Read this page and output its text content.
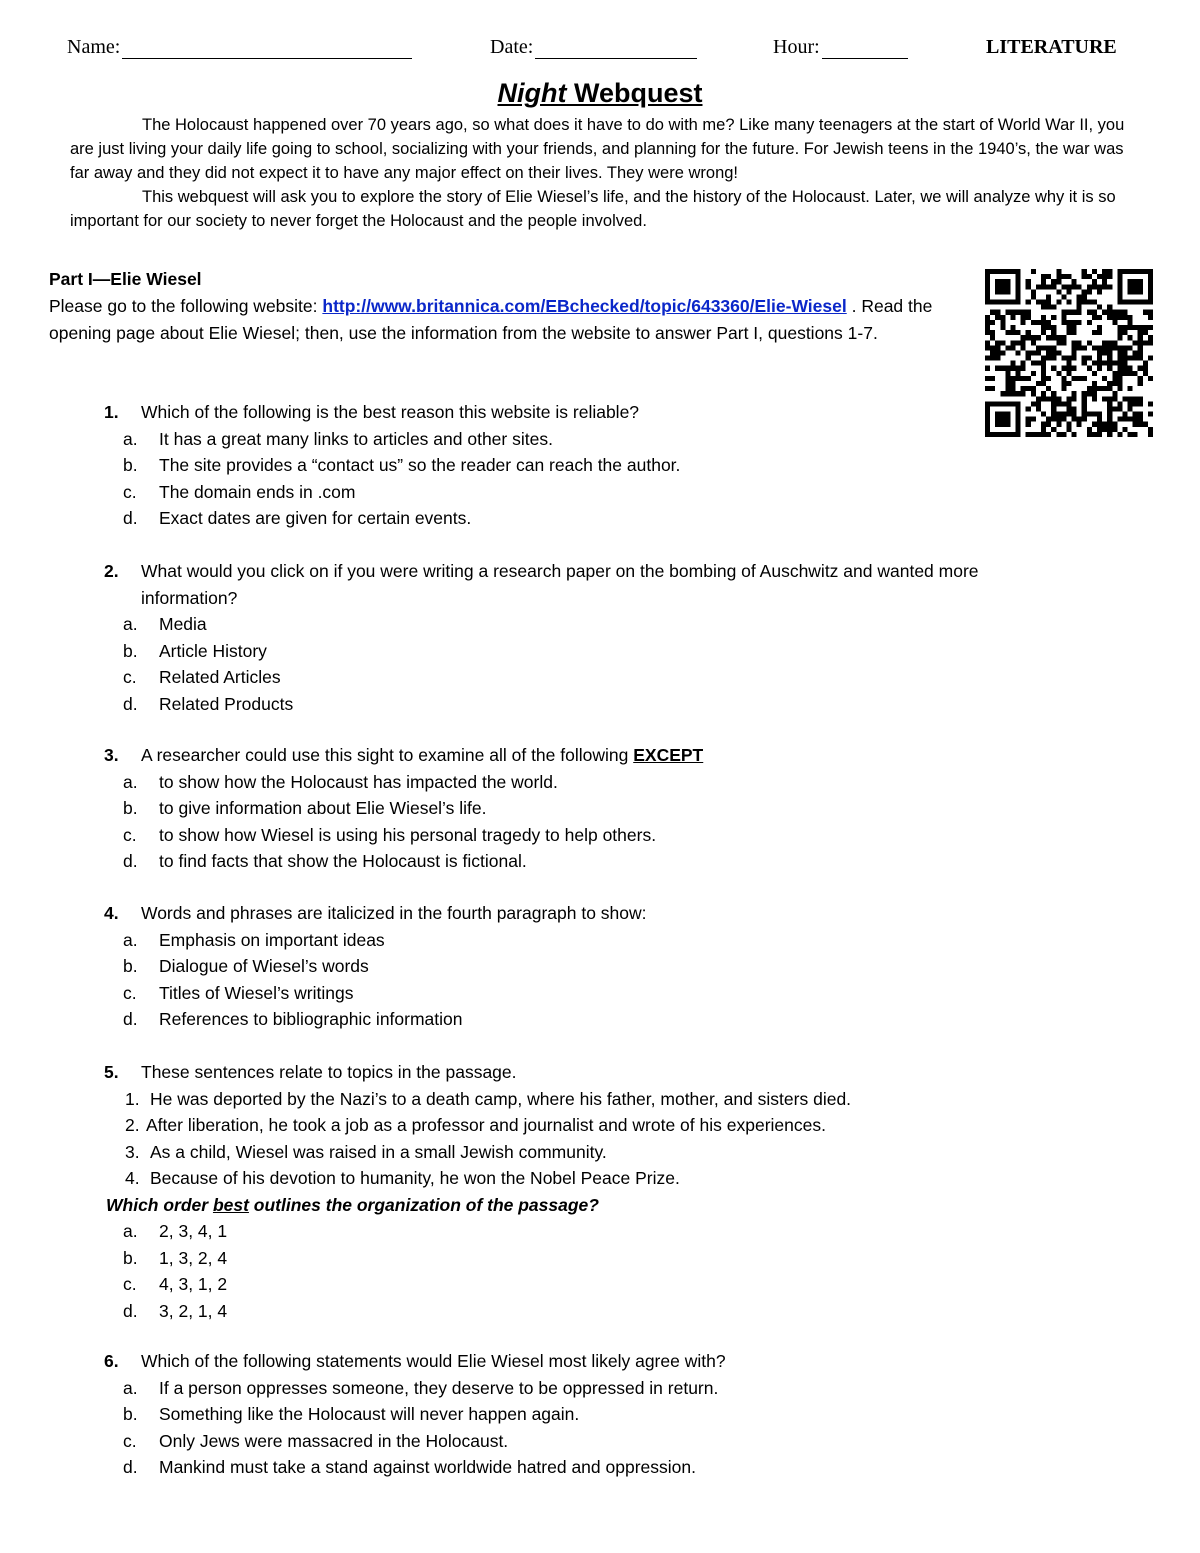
Name:	Date:	Hour:	LITERATURE
Night Webquest

The Holocaust happened over 70 years ago, so what does it have to do with me? Like many teenagers at the start of World War II, you are just living your daily life going to school, socializing with your friends, and planning for the future. For Jewish teens in the 1940’s, the war was far away and they did not expect it to have any major effect on their lives. They were wrong!

This webquest will ask you to explore the story of Elie Wiesel’s life, and the history of the Holocaust. Later, we will analyze why it is so important for our society to never forget the Holocaust and the people involved.

Part I—Elie Wiesel
Please go to the following website: http://www.britannica.com/EBchecked/topic/643360/Elie-Wiesel . Read the opening page about Elie Wiesel; then, use the information from the website to answer Part I, questions 1-7.
1. Which of the following is the best reason this website is reliable?
a. It has a great many links to articles and other sites.
b. The site provides a “contact us” so the reader can reach the author.
c. The domain ends in .com
d. Exact dates are given for certain events.
2. What would you click on if you were writing a research paper on the bombing of Auschwitz and wanted more
information?
a. Media
b. Article History
c. Related Articles
d. Related Products
3. A researcher could use this sight to examine all of the following EXCEPT
a. to show how the Holocaust has impacted the world.
b. to give information about Elie Wiesel’s life.
c. to show how Wiesel is using his personal tragedy to help others.
d. to find facts that show the Holocaust is fictional.
4. Words and phrases are italicized in the fourth paragraph to show:
a. Emphasis on important ideas
b. Dialogue of Wiesel’s words
c. Titles of Wiesel’s writings
d. References to bibliographic information
5. These sentences relate to topics in the passage.
1. He was deported by the Nazi’s to a death camp, where his father, mother, and sisters died.
2. After liberation, he took a job as a professor and journalist and wrote of his experiences.
3. As a child, Wiesel was raised in a small Jewish community.
4. Because of his devotion to humanity, he won the Nobel Peace Prize.
Which order best outlines the organization of the passage?
a. 2, 3, 4, 1
b. 1, 3, 2, 4
c. 4, 3, 1, 2
d. 3, 2, 1, 4
6. Which of the following statements would Elie Wiesel most likely agree with?
a. If a person oppresses someone, they deserve to be oppressed in return.
b. Something like the Holocaust will never happen again.
c. Only Jews were massacred in the Holocaust.
d. Mankind must take a stand against worldwide hatred and oppression.
